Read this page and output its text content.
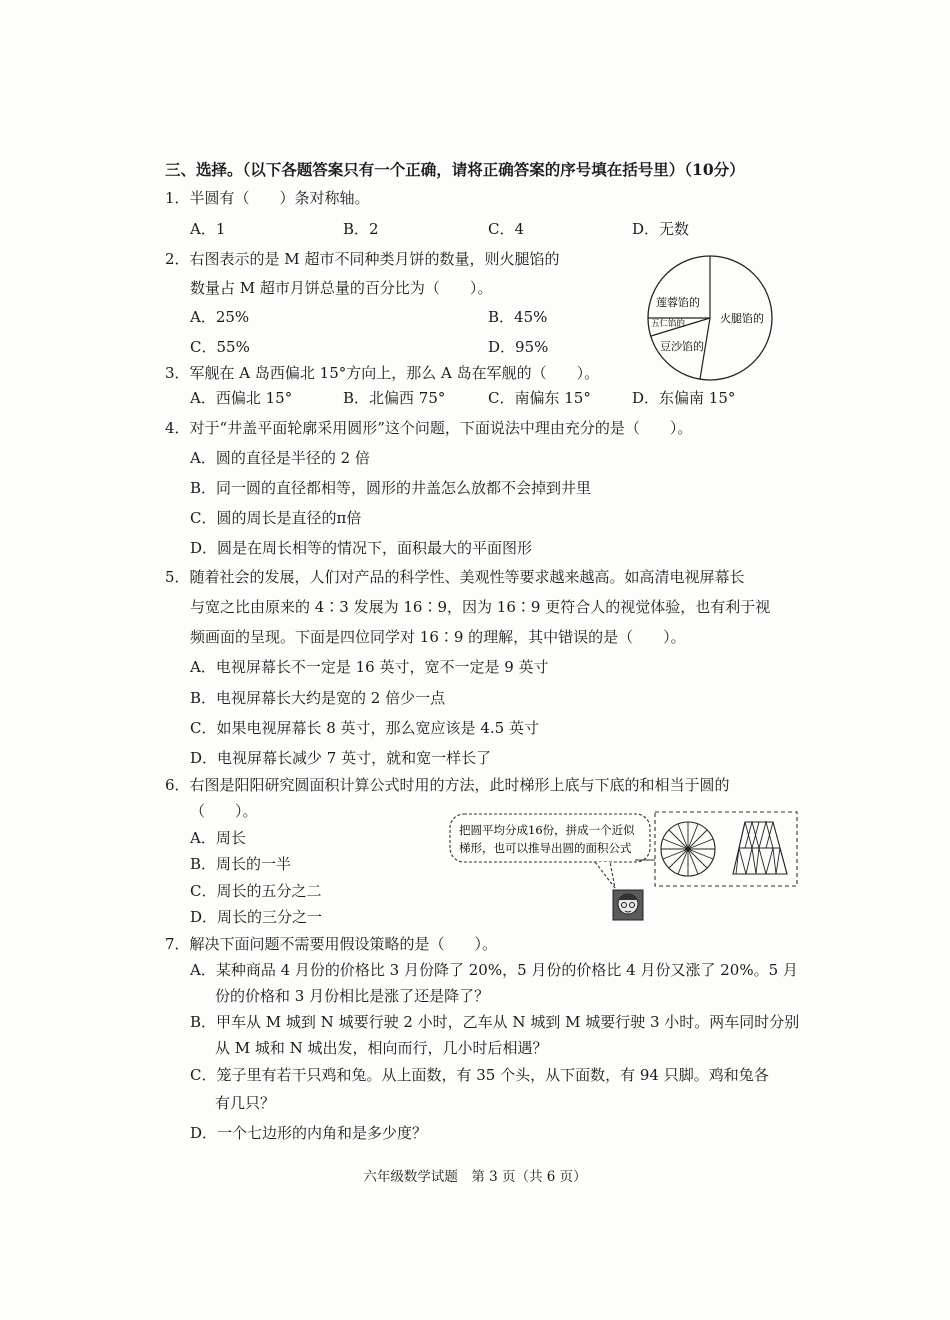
三、选择。（以下各题答案只有一个正确，请将正确答案的序号填在括号里）（10分）
1．半圆有（　　）条对称轴。
A．1	B．2	C．4	D．无数
2．右图表示的是 M 超市不同种类月饼的数量，则火腿馅的
数量占 M 超市月饼总量的百分比为（　　）。
A．25%	B．45%
C．55%	D．95%
莲蓉馅的
火腿馅的
五仁馅的
豆沙馅的
3．军舰在 A 岛西偏北 15°方向上，那么 A 岛在军舰的（　　）。
A．西偏北 15°	B．北偏西 75°	C．南偏东 15°	D．东偏南 15°
4．对于“井盖平面轮廓采用圆形”这个问题，下面说法中理由充分的是（　　）。
A．圆的直径是半径的 2 倍
B．同一圆的直径都相等，圆形的井盖怎么放都不会掉到井里
C．圆的周长是直径的π倍
D．圆是在周长相等的情况下，面积最大的平面图形
5．随着社会的发展，人们对产品的科学性、美观性等要求越来越高。如高清电视屏幕长
与宽之比由原来的 4∶3 发展为 16∶9，因为 16∶9 更符合人的视觉体验，也有利于视
频画面的呈现。下面是四位同学对 16∶9 的理解，其中错误的是（　　）。
A．电视屏幕长不一定是 16 英寸，宽不一定是 9 英寸
B．电视屏幕长大约是宽的 2 倍少一点
C．如果电视屏幕长 8 英寸，那么宽应该是 4.5 英寸
D．电视屏幕长减少 7 英寸，就和宽一样长了
6．右图是阳阳研究圆面积计算公式时用的方法，此时梯形上底与下底的和相当于圆的
（　　）。
A．周长
B．周长的一半
C．周长的五分之二
D．周长的三分之一
把圆平均分成16份，拼成一个近似
梯形，也可以推导出圆的面积公式
7．解决下面问题不需要用假设策略的是（　　）。
A．某种商品 4 月份的价格比 3 月份降了 20%，5 月份的价格比 4 月份又涨了 20%。5 月
份的价格和 3 月份相比是涨了还是降了？
B．甲车从 M 城到 N 城要行驶 2 小时，乙车从 N 城到 M 城要行驶 3 小时。两车同时分别
从 M 城和 N 城出发，相向而行，几小时后相遇？
C．笼子里有若干只鸡和兔。从上面数，有 35 个头，从下面数，有 94 只脚。鸡和兔各
有几只？
D．一个七边形的内角和是多少度？
六年级数学试题　第 3 页（共 6 页）
